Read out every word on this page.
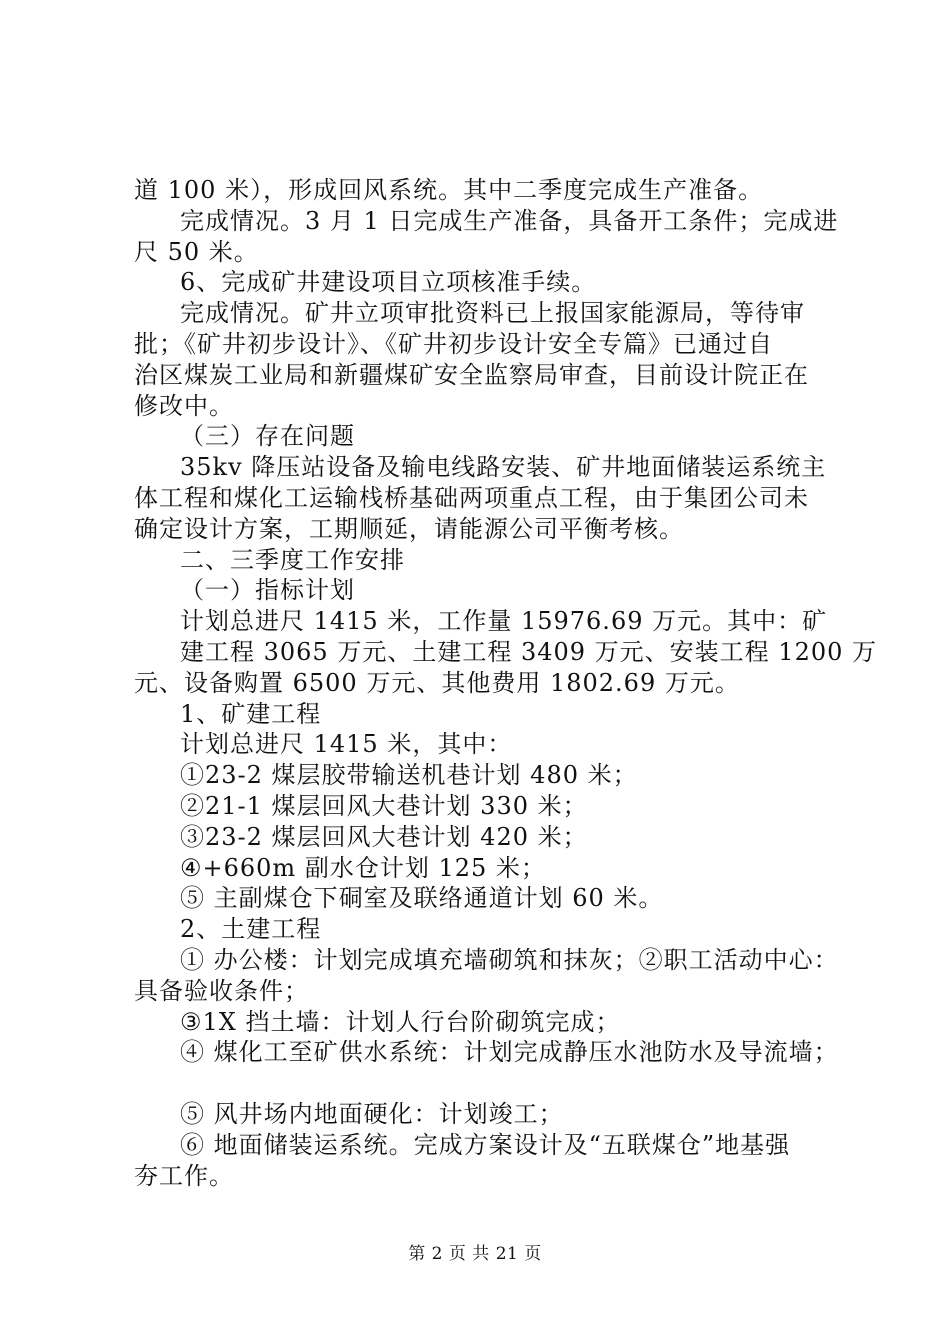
道 100 米），形成回风系统。其中二季度完成生产准备。
完成情况。3 月 1 日完成生产准备，具备开工条件；完成进
尺 50 米。
6、完成矿井建设项目立项核准手续。
完成情况。矿井立项审批资料已上报国家能源局，等待审
批；《矿井初步设计》、《矿井初步设计安全专篇》已通过自
治区煤炭工业局和新疆煤矿安全监察局审查，目前设计院正在
修改中。
（三）存在问题
35kv 降压站设备及输电线路安装、矿井地面储装运系统主
体工程和煤化工运输栈桥基础两项重点工程，由于集团公司未
确定设计方案，工期顺延，请能源公司平衡考核。
二、三季度工作安排
（一）指标计划
计划总进尺 1415 米，工作量 15976.69 万元。其中：矿
建工程 3065 万元、土建工程 3409 万元、安装工程 1200 万
元、设备购置 6500 万元、其他费用 1802.69 万元。
1、矿建工程
计划总进尺 1415 米，其中：
①23-2 煤层胶带输送机巷计划 480 米；
②21-1 煤层回风大巷计划 330 米；
③23-2 煤层回风大巷计划 420 米；
④+660m 副水仓计划 125 米；
⑤ 主副煤仓下硐室及联络通道计划 60 米。
2、土建工程
① 办公楼：计划完成填充墙砌筑和抹灰；②职工活动中心：
具备验收条件；
③1X 挡土墙：计划人行台阶砌筑完成；
④ 煤化工至矿供水系统：计划完成静压水池防水及导流墙；
⑤ 风井场内地面硬化：计划竣工；
⑥ 地面储装运系统。完成方案设计及“五联煤仓”地基强
夯工作。
第 2 页 共 21 页
